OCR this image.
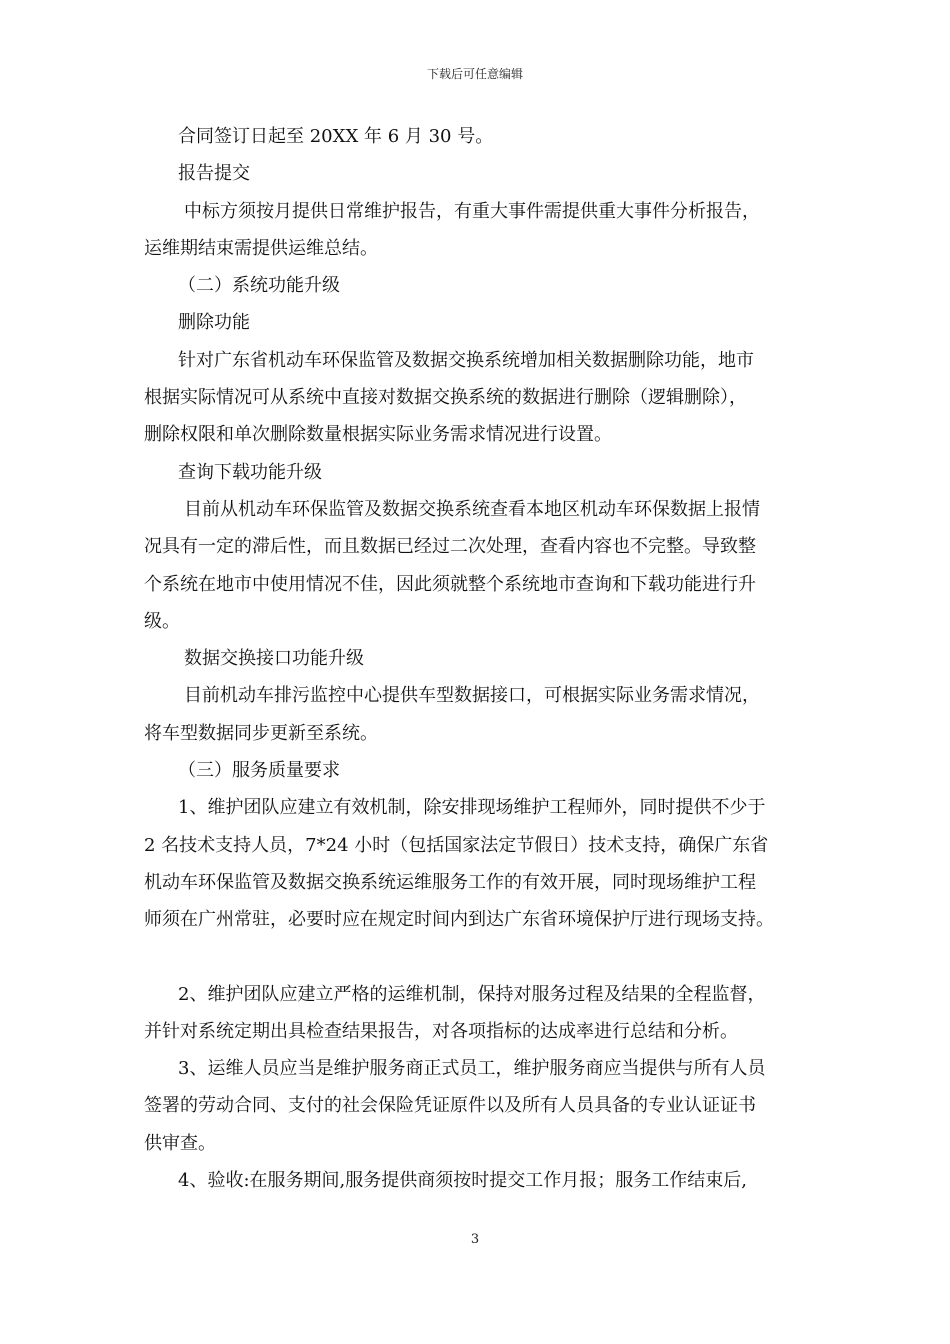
下载后可任意编辑
合同签订日起至 20XX 年 6 月 30 号。
报告提交
中标方须按月提供日常维护报告，有重大事件需提供重大事件分析报告，
运维期结束需提供运维总结。
（二）系统功能升级
删除功能
针对广东省机动车环保监管及数据交换系统增加相关数据删除功能，地市
根据实际情况可从系统中直接对数据交换系统的数据进行删除（逻辑删除），
删除权限和单次删除数量根据实际业务需求情况进行设置。
查询下载功能升级
目前从机动车环保监管及数据交换系统查看本地区机动车环保数据上报情
况具有一定的滞后性，而且数据已经过二次处理，查看内容也不完整。导致整
个系统在地市中使用情况不佳，因此须就整个系统地市查询和下载功能进行升
级。
数据交换接口功能升级
目前机动车排污监控中心提供车型数据接口，可根据实际业务需求情况，
将车型数据同步更新至系统。
（三）服务质量要求
1、维护团队应建立有效机制，除安排现场维护工程师外，同时提供不少于
2 名技术支持人员，7*24 小时（包括国家法定节假日）技术支持，确保广东省
机动车环保监管及数据交换系统运维服务工作的有效开展，同时现场维护工程
师须在广州常驻，必要时应在规定时间内到达广东省环境保护厅进行现场支持。
2、维护团队应建立严格的运维机制，保持对服务过程及结果的全程监督，
并针对系统定期出具检查结果报告，对各项指标的达成率进行总结和分析。
3、运维人员应当是维护服务商正式员工，维护服务商应当提供与所有人员
签署的劳动合同、支付的社会保险凭证原件以及所有人员具备的专业认证证书
供审查。
4、验收:在服务期间,服务提供商须按时提交工作月报；服务工作结束后,
3
